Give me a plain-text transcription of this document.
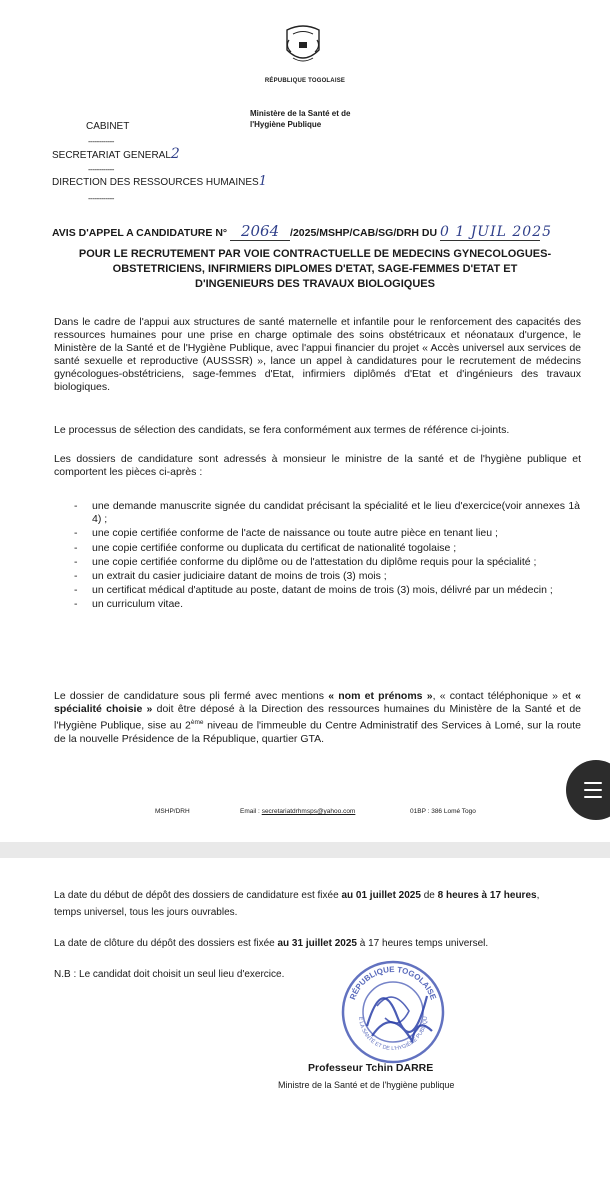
RÉPUBLIQUE TOGOLAISE
Ministère de la Santé et de
l'Hygiène Publique
CABINET
------------
SECRETARIAT GENERAL2
------------
DIRECTION DES RESSOURCES HUMAINES1
------------
AVIS D'APPEL A CANDIDATURE N° 2064 /2025/MSHP/CAB/SG/DRH DU 0 1 JUIL 2025
POUR LE RECRUTEMENT PAR VOIE CONTRACTUELLE DE MEDECINS GYNECOLOGUES-
OBSTETRICIENS, INFIRMIERS DIPLOMES D'ETAT, SAGE-FEMMES D'ETAT ET
D'INGENIEURS DES TRAVAUX BIOLOGIQUES

Dans le cadre de l'appui aux structures de santé maternelle et infantile pour le renforcement des capacités des ressources humaines pour une prise en charge optimale des soins obstétricaux et néonataux d'urgence, le Ministère de la Santé et de l'Hygiène Publique, avec l'appui financier du projet « Accès universel aux services de santé sexuelle et reproductive (AUSSSR) », lance un appel à candidatures pour le recrutement de médecins gynécologues-obstétriciens, sage-femmes d'Etat, infirmiers diplômés d'Etat et d'ingénieurs des travaux biologiques.

Le processus de sélection des candidats, se fera conformément aux termes de référence ci-joints.

Les dossiers de candidature sont adressés à monsieur le ministre de la santé et de l'hygiène publique et comportent les pièces ci-après :

- une demande manuscrite signée du candidat précisant la spécialité et le lieu d'exercice(voir annexes 1à 4) ;
- une copie certifiée conforme de l'acte de naissance ou toute autre pièce en tenant lieu ;
- une copie certifiée conforme ou duplicata du certificat de nationalité togolaise ;
- une copie certifiée conforme du diplôme ou de l'attestation du diplôme requis pour la spécialité ;
- un extrait du casier judiciaire datant de moins de trois (3) mois ;
- un certificat médical d'aptitude au poste, datant de moins de trois (3) mois, délivré par un médecin ;
- un curriculum vitae.

Le dossier de candidature sous pli fermé avec mentions « nom et prénoms », « contact téléphonique » et « spécialité choisie » doit être déposé à la Direction des ressources humaines du Ministère de la Santé et de l'Hygiène Publique, sise au 2ème niveau de l'immeuble du Centre Administratif des Services à Lomé, sur la route de la nouvelle Présidence de la République, quartier GTA.

MSHP/DRH	Email : secretariatdrhmsps@yahoo.com	01BP : 386 Lomé Togo

La date du début de dépôt des dossiers de candidature est fixée au 01 juillet 2025 de 8 heures à 17 heures,
temps universel, tous les jours ouvrables.

La date de clôture du dépôt des dossiers est fixée au 31 juillet 2025 à 17 heures temps universel.

N.B : Le candidat doit choisit un seul lieu d'exercice.

RÉPUBLIQUE TOGOLAISE
E LA SANTÉ ET DE L'HYGIÈNE PUBLIQU
Professeur Tchin DARRE
Ministre de la Santé et de l'hygiène publique
